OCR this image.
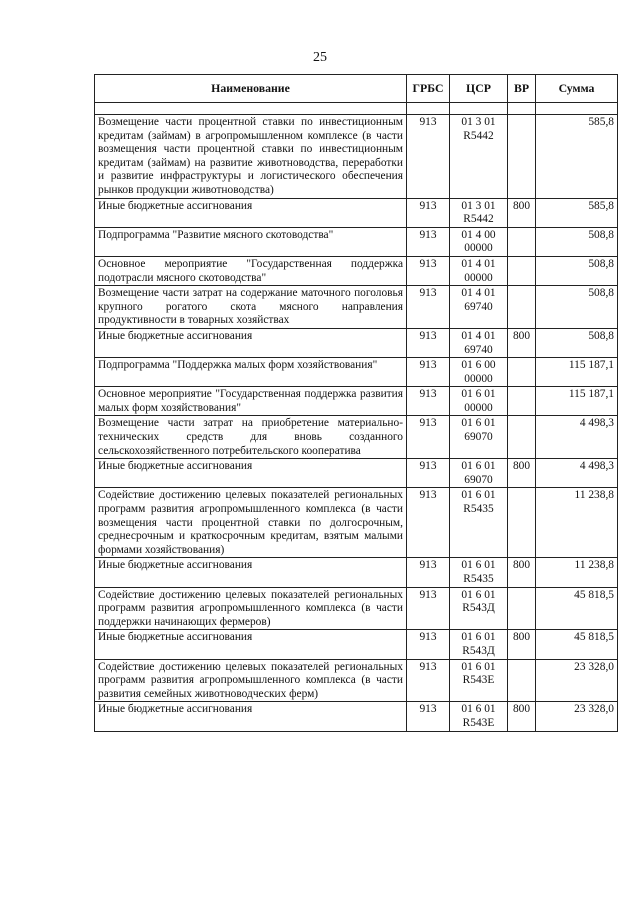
25
Наименование	ГРБС	ЦСР	ВР	Сумма

Возмещение части процентной ставки по инвестиционным кредитам (займам) в агропромышленном комплексе (в части возмещения части процентной ставки по инвестиционным кредитам (займам) на развитие животноводства, переработки и развитие инфраструктуры и логистического обеспечения рынков продукции животноводства)	913	01 3 01 R5442		585,8
Иные бюджетные ассигнования	913	01 3 01 R5442	800	585,8
Подпрограмма "Развитие мясного скотоводства"	913	01 4 00 00000		508,8
Основное мероприятие "Государственная поддержка подотрасли мясного скотоводства"	913	01 4 01 00000		508,8
Возмещение части затрат на содержание маточного поголовья крупного рогатого скота мясного направления продуктивности в товарных хозяйствах	913	01 4 01 69740		508,8
Иные бюджетные ассигнования	913	01 4 01 69740	800	508,8
Подпрограмма "Поддержка малых форм хозяйствования"	913	01 6 00 00000		115 187,1
Основное мероприятие "Государственная поддержка развития малых форм хозяйствования"	913	01 6 01 00000		115 187,1
Возмещение части затрат на приобретение материально-технических средств для вновь созданного сельскохозяйственного потребительского кооператива	913	01 6 01 69070		4 498,3
Иные бюджетные ассигнования	913	01 6 01 69070	800	4 498,3
Содействие достижению целевых показателей региональных программ развития агропромышленного комплекса (в части возмещения части процентной ставки по долгосрочным, среднесрочным и краткосрочным кредитам, взятым малыми формами хозяйствования)	913	01 6 01 R5435		11 238,8
Иные бюджетные ассигнования	913	01 6 01 R5435	800	11 238,8
Содействие достижению целевых показателей региональных программ развития агропромышленного комплекса (в части поддержки начинающих фермеров)	913	01 6 01 R543Д		45 818,5
Иные бюджетные ассигнования	913	01 6 01 R543Д	800	45 818,5
Содействие достижению целевых показателей региональных программ развития агропромышленного комплекса (в части развития семейных животноводческих ферм)	913	01 6 01 R543Е		23 328,0
Иные бюджетные ассигнования	913	01 6 01 R543Е	800	23 328,0
